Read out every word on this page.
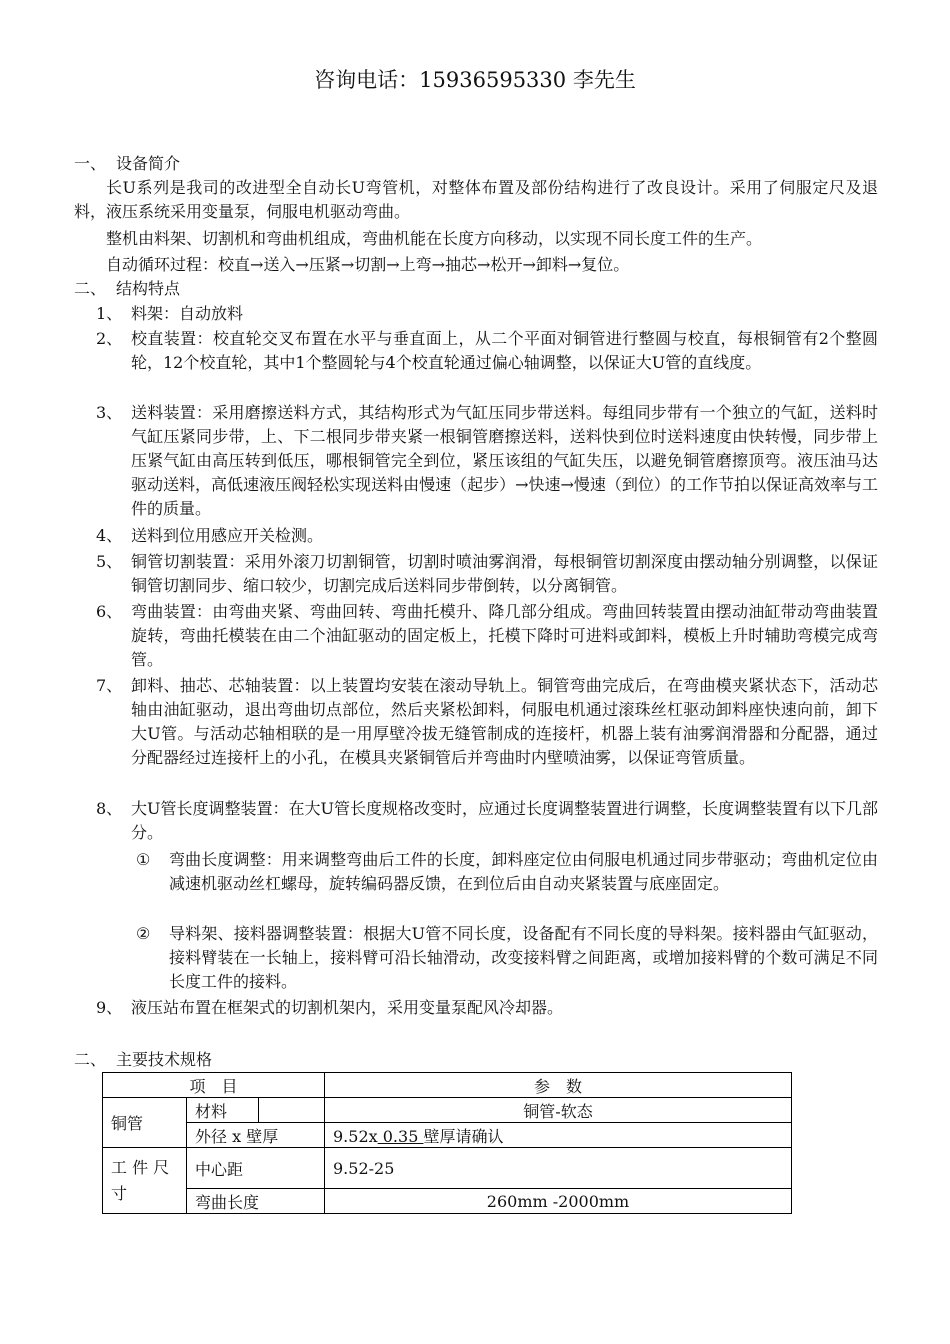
咨询电话：15936595330 李先生
一、 设备简介
长U系列是我司的改进型全自动长U弯管机，对整体布置及部份结构进行了改良设计。采用了伺服定尺及退料，液压系统采用变量泵，伺服电机驱动弯曲。
整机由料架、切割机和弯曲机组成，弯曲机能在长度方向移动，以实现不同长度工件的生产。
自动循环过程：校直→送入→压紧→切割→上弯→抽芯→松开→卸料→复位。
二、 结构特点
1、 料架：自动放料
2、 校直装置：校直轮交叉布置在水平与垂直面上，从二个平面对铜管进行整圆与校直，每根铜管有2个整圆轮，12个校直轮，其中1个整圆轮与4个校直轮通过偏心轴调整，以保证大U管的直线度。
3、 送料装置：采用磨擦送料方式，其结构形式为气缸压同步带送料。每组同步带有一个独立的气缸，送料时气缸压紧同步带，上、下二根同步带夹紧一根铜管磨擦送料，送料快到位时送料速度由快转慢，同步带上压紧气缸由高压转到低压，哪根铜管完全到位，紧压该组的气缸失压，以避免铜管磨擦顶弯。液压油马达驱动送料，高低速液压阀轻松实现送料由慢速（起步）→快速→慢速（到位）的工作节拍以保证高效率与工件的质量。
4、 送料到位用感应开关检测。
5、 铜管切割装置：采用外滚刀切割铜管，切割时喷油雾润滑，每根铜管切割深度由摆动轴分别调整，以保证铜管切割同步、缩口较少，切割完成后送料同步带倒转，以分离铜管。
6、 弯曲装置：由弯曲夹紧、弯曲回转、弯曲托模升、降几部分组成。弯曲回转装置由摆动油缸带动弯曲装置旋转，弯曲托模装在由二个油缸驱动的固定板上，托模下降时可进料或卸料，模板上升时辅助弯模完成弯管。
7、 卸料、抽芯、芯轴装置：以上装置均安装在滚动导轨上。铜管弯曲完成后，在弯曲模夹紧状态下，活动芯轴由油缸驱动，退出弯曲切点部位，然后夹紧松卸料，伺服电机通过滚珠丝杠驱动卸料座快速向前，卸下大U管。与活动芯轴相联的是一用厚壁冷拔无缝管制成的连接杆，机器上装有油雾润滑器和分配器，通过分配器经过连接杆上的小孔，在模具夹紧铜管后并弯曲时内壁喷油雾，以保证弯管质量。
8、 大U管长度调整装置：在大U管长度规格改变时，应通过长度调整装置进行调整，长度调整装置有以下几部分。
①	弯曲长度调整：用来调整弯曲后工件的长度，卸料座定位由伺服电机通过同步带驱动；弯曲机定位由减速机驱动丝杠螺母，旋转编码器反馈，在到位后由自动夹紧装置与底座固定。
②	导料架、接料器调整装置：根据大U管不同长度，设备配有不同长度的导料架。接料器由气缸驱动，接料臂装在一长轴上，接料臂可沿长轴滑动，改变接料臂之间距离，或增加接料臂的个数可满足不同长度工件的接料。
9、 液压站布置在框架式的切割机架内，采用变量泵配风冷却器。
二、 主要技术规格
项　目			参　数
铜管	材料		铜管-软态
	外径 x 壁厚		9.52x 0.35 壁厚请确认
工 件 尺寸	中心距		9.52-25
	弯曲长度		260mm -2000mm
